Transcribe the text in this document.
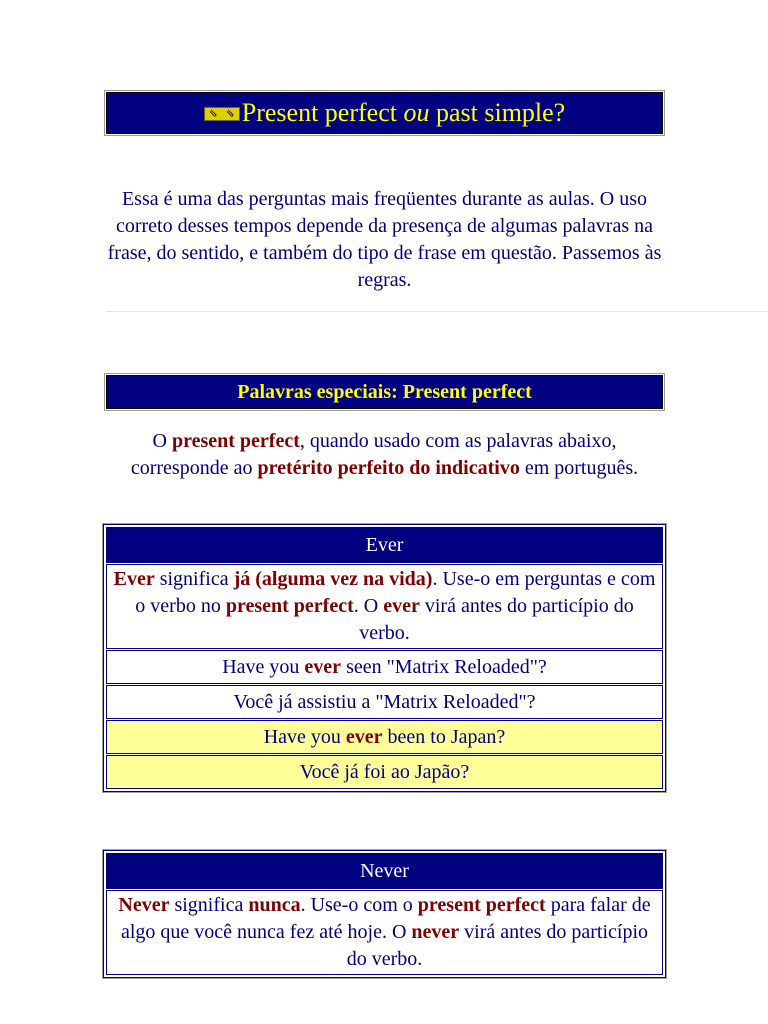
⇘ ⇘ Present perfect
ou
past simple?
Essa é uma das perguntas mais freqüentes durante as aulas. O uso correto desses tempos depende da presença de algumas palavras na frase, do sentido, e também do tipo de frase em questão. Passemos às regras.
Palavras especiais: Present perfect
O present perfect, quando usado com as palavras abaixo, corresponde ao pretérito perfeito do indicativo em português.
Ever
Ever significa já (alguma vez na vida). Use-o em perguntas e com o verbo no present perfect. O ever virá antes do particípio do verbo.
Have you ever seen "Matrix Reloaded"?
Você já assistiu a "Matrix Reloaded"?
Have you ever been to Japan?
Você já foi ao Japão?
Never
Never significa nunca. Use-o com o present perfect para falar de algo que você nunca fez até hoje. O never virá antes do particípio do verbo.
